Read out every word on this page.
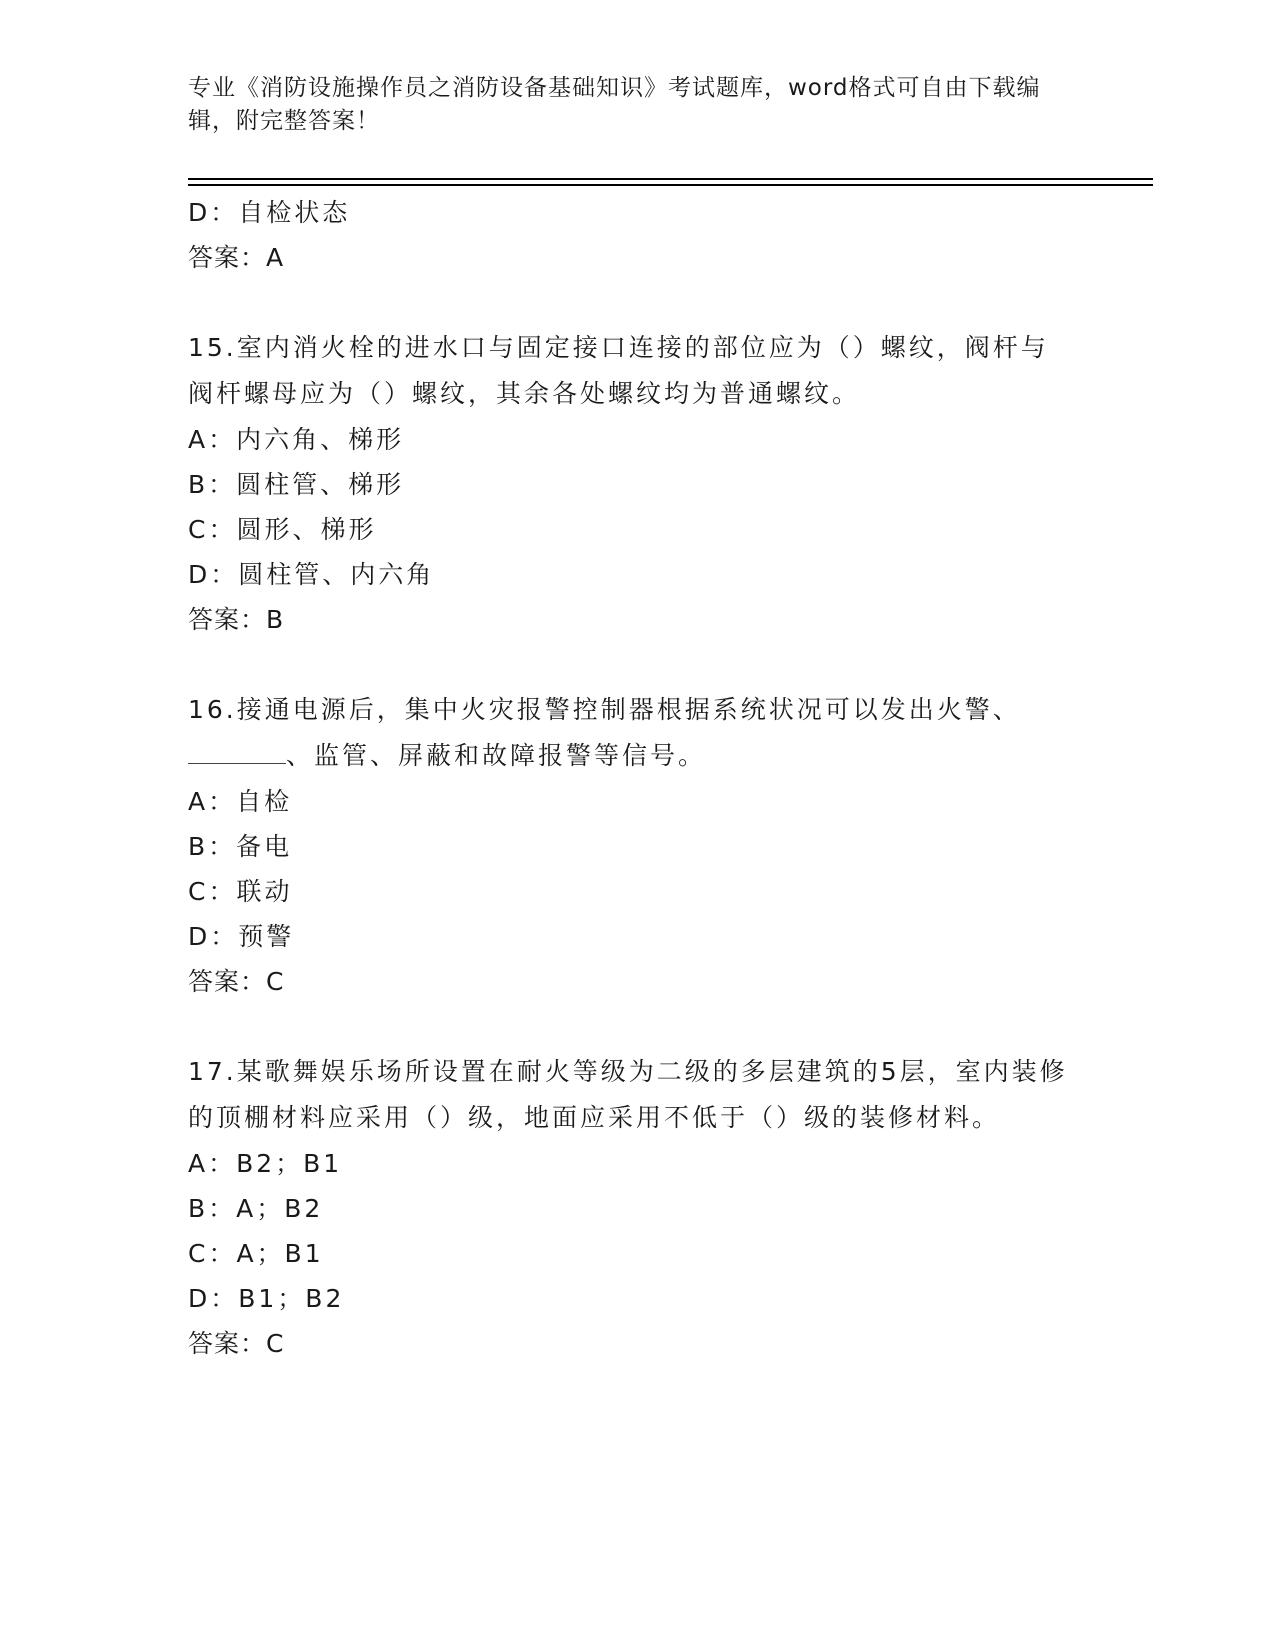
专业《消防设施操作员之消防设备基础知识》考试题库，word格式可自由下载编辑，附完整答案！
D：自检状态
答案：A
15.室内消火栓的进水口与固定接口连接的部位应为（）螺纹，阀杆与阀杆螺母应为（）螺纹，其余各处螺纹均为普通螺纹。
A：内六角、梯形
B：圆柱管、梯形
C：圆形、梯形
D：圆柱管、内六角
答案：B
16.接通电源后，集中火灾报警控制器根据系统状况可以发出火警、
、监管、屏蔽和故障报警等信号。
A：自检
B：备电
C：联动
D：预警
答案：C
17.某歌舞娱乐场所设置在耐火等级为二级的多层建筑的5层，室内装修的顶棚材料应采用（）级，地面应采用不低于（）级的装修材料。
A：B2；B1
B：A；B2
C：A；B1
D：B1；B2
答案：C
